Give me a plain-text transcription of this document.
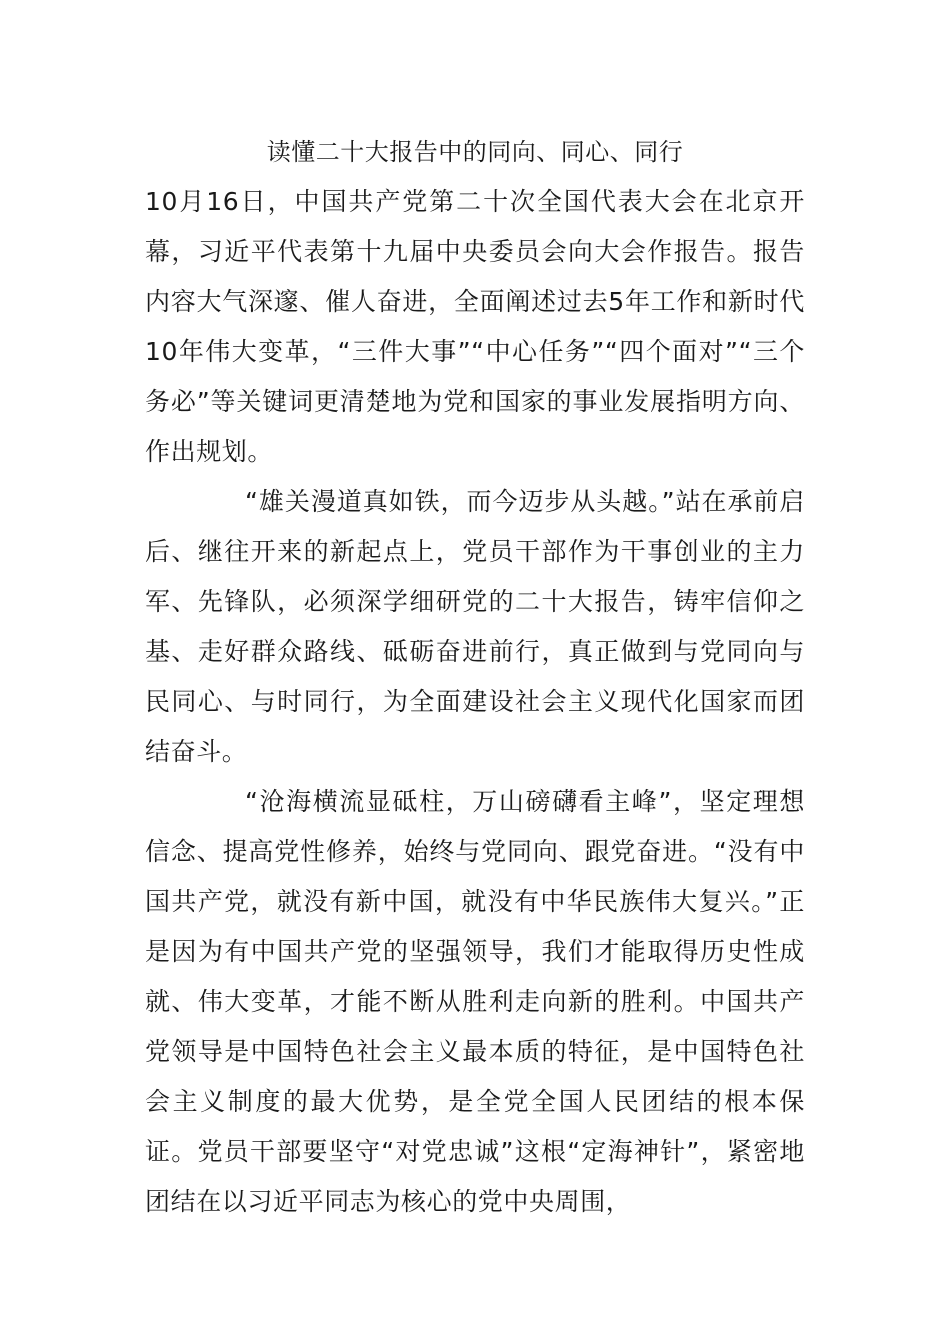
读懂二十大报告中的同向、同心、同行

10月16日，中国共产党第二十次全国代表大会在北京开幕，习近平代表第十九届中央委员会向大会作报告。报告内容大气深邃、催人奋进，全面阐述过去5年工作和新时代10年伟大变革，“三件大事”“中心任务”“四个面对”“三个务必”等关键词更清楚地为党和国家的事业发展指明方向、作出规划。

“雄关漫道真如铁，而今迈步从头越。”站在承前启后、继往开来的新起点上，党员干部作为干事创业的主力军、先锋队，必须深学细研党的二十大报告，铸牢信仰之基、走好群众路线、砥砺奋进前行，真正做到与党同向与民同心、与时同行，为全面建设社会主义现代化国家而团结奋斗。

“沧海横流显砥柱，万山磅礴看主峰”，坚定理想信念、提高党性修养，始终与党同向、跟党奋进。“没有中国共产党，就没有新中国，就没有中华民族伟大复兴。”正是因为有中国共产党的坚强领导，我们才能取得历史性成就、伟大变革，才能不断从胜利走向新的胜利。中国共产党领导是中国特色社会主义最本质的特征，是中国特色社会主义制度的最大优势，是全党全国人民团结的根本保证。党员干部要坚守“对党忠诚”这根“定海神针”，紧密地团结在以习近平同志为核心的党中央周围，
